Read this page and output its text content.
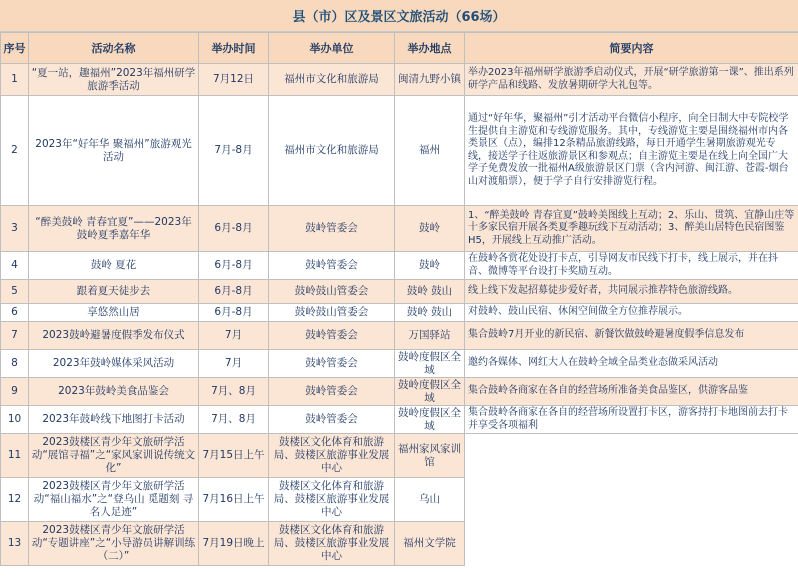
县（市）区及景区文旅活动（66场）
序号	活动名称	举办时间	举办单位	举办地点	简要内容
1	“夏一站，趣福州”2023年福州研学旅游季活动	7月12日	福州市文化和旅游局	闽清九野小镇	举办2023年福州研学旅游季启动仪式，开展“研学旅游第一课”、推出系列研学产品和线路、发放暑期研学大礼包等。
2	2023年“好年华 聚福州”旅游观光活动	7月-8月	福州市文化和旅游局	福州	通过“好年华，聚福州”引才活动平台微信小程序，向全日制大中专院校学生提供自主游览和专线游览服务。其中，专线游览主要是围绕福州市内各类景区（点），编排12条精品旅游线路，每日开通学生暑期旅游观光专线，接送学子往返旅游景区和参观点；自主游览主要是在线上向全国广大学子免费发放一批福州A级旅游景区门票（含内河游、闽江游、苍霞-烟台山对渡船票），便于学子自行安排游览行程。
3	“醉美鼓岭 青春宜夏”——2023年鼓岭夏季嘉年华	6月-8月	鼓岭管委会	鼓岭	1、“醉美鼓岭 青春宜夏”鼓岭美图线上互动；2、乐山、贯筑、宜静山庄等十多家民宿开展各类夏季趣玩线下互动活动；3、醉美山居特色民宿图鉴H5，开展线上互动推广活动。
4	鼓岭 夏花	6月-8月	鼓岭管委会	鼓岭	在鼓岭各赏花处设打卡点，引导网友市民线下打卡，线上展示，并在抖音、微博等平台设打卡奖励互动。
5	跟着夏天徒步去	6月-8月	鼓岭鼓山管委会	鼓岭 鼓山	线上线下发起招募徒步爱好者，共同展示推荐特色旅游线路。
6	享悠然山居	6月-8月	鼓岭鼓山管委会	鼓岭 鼓山	对鼓岭、鼓山民宿、休闲空间做全方位推荐展示。
7	2023鼓岭避暑度假季发布仪式	7月	鼓岭管委会	万国驿站	集合鼓岭7月开业的新民宿、新餐饮做鼓岭避暑度假季信息发布
8	2023年鼓岭媒体采风活动	7月	鼓岭管委会	鼓岭度假区全域	邀约各媒体、网红大人在鼓岭全域全品类业态做采风活动
9	2023年鼓岭美食品鉴会	7月、8月	鼓岭管委会	鼓岭度假区全域	集合鼓岭各商家在各自的经营场所准备美食品鉴区，供游客品鉴
10	2023年鼓岭线下地图打卡活动	7月、8月	鼓岭管委会	鼓岭度假区全域	集合鼓岭各商家在各自的经营场所设置打卡区，游客持打卡地图前去打卡并享受各项福利
11	2023鼓楼区青少年文旅研学活动“展馆寻福”之“家风家训说传统文化”	7月15日上午	鼓楼区文化体育和旅游局、鼓楼区旅游事业发展中心	福州家风家训馆	
12	2023鼓楼区青少年文旅研学活动“福山福水”之“登乌山 觅题刻 寻名人足迹”	7月16日上午	鼓楼区文化体育和旅游局、鼓楼区旅游事业发展中心	乌山	
13	2023鼓楼区青少年文旅研学活动“专题讲座”之“小导游员讲解训练（二）”	7月19日晚上	鼓楼区文化体育和旅游局、鼓楼区旅游事业发展中心	福州文学院	
